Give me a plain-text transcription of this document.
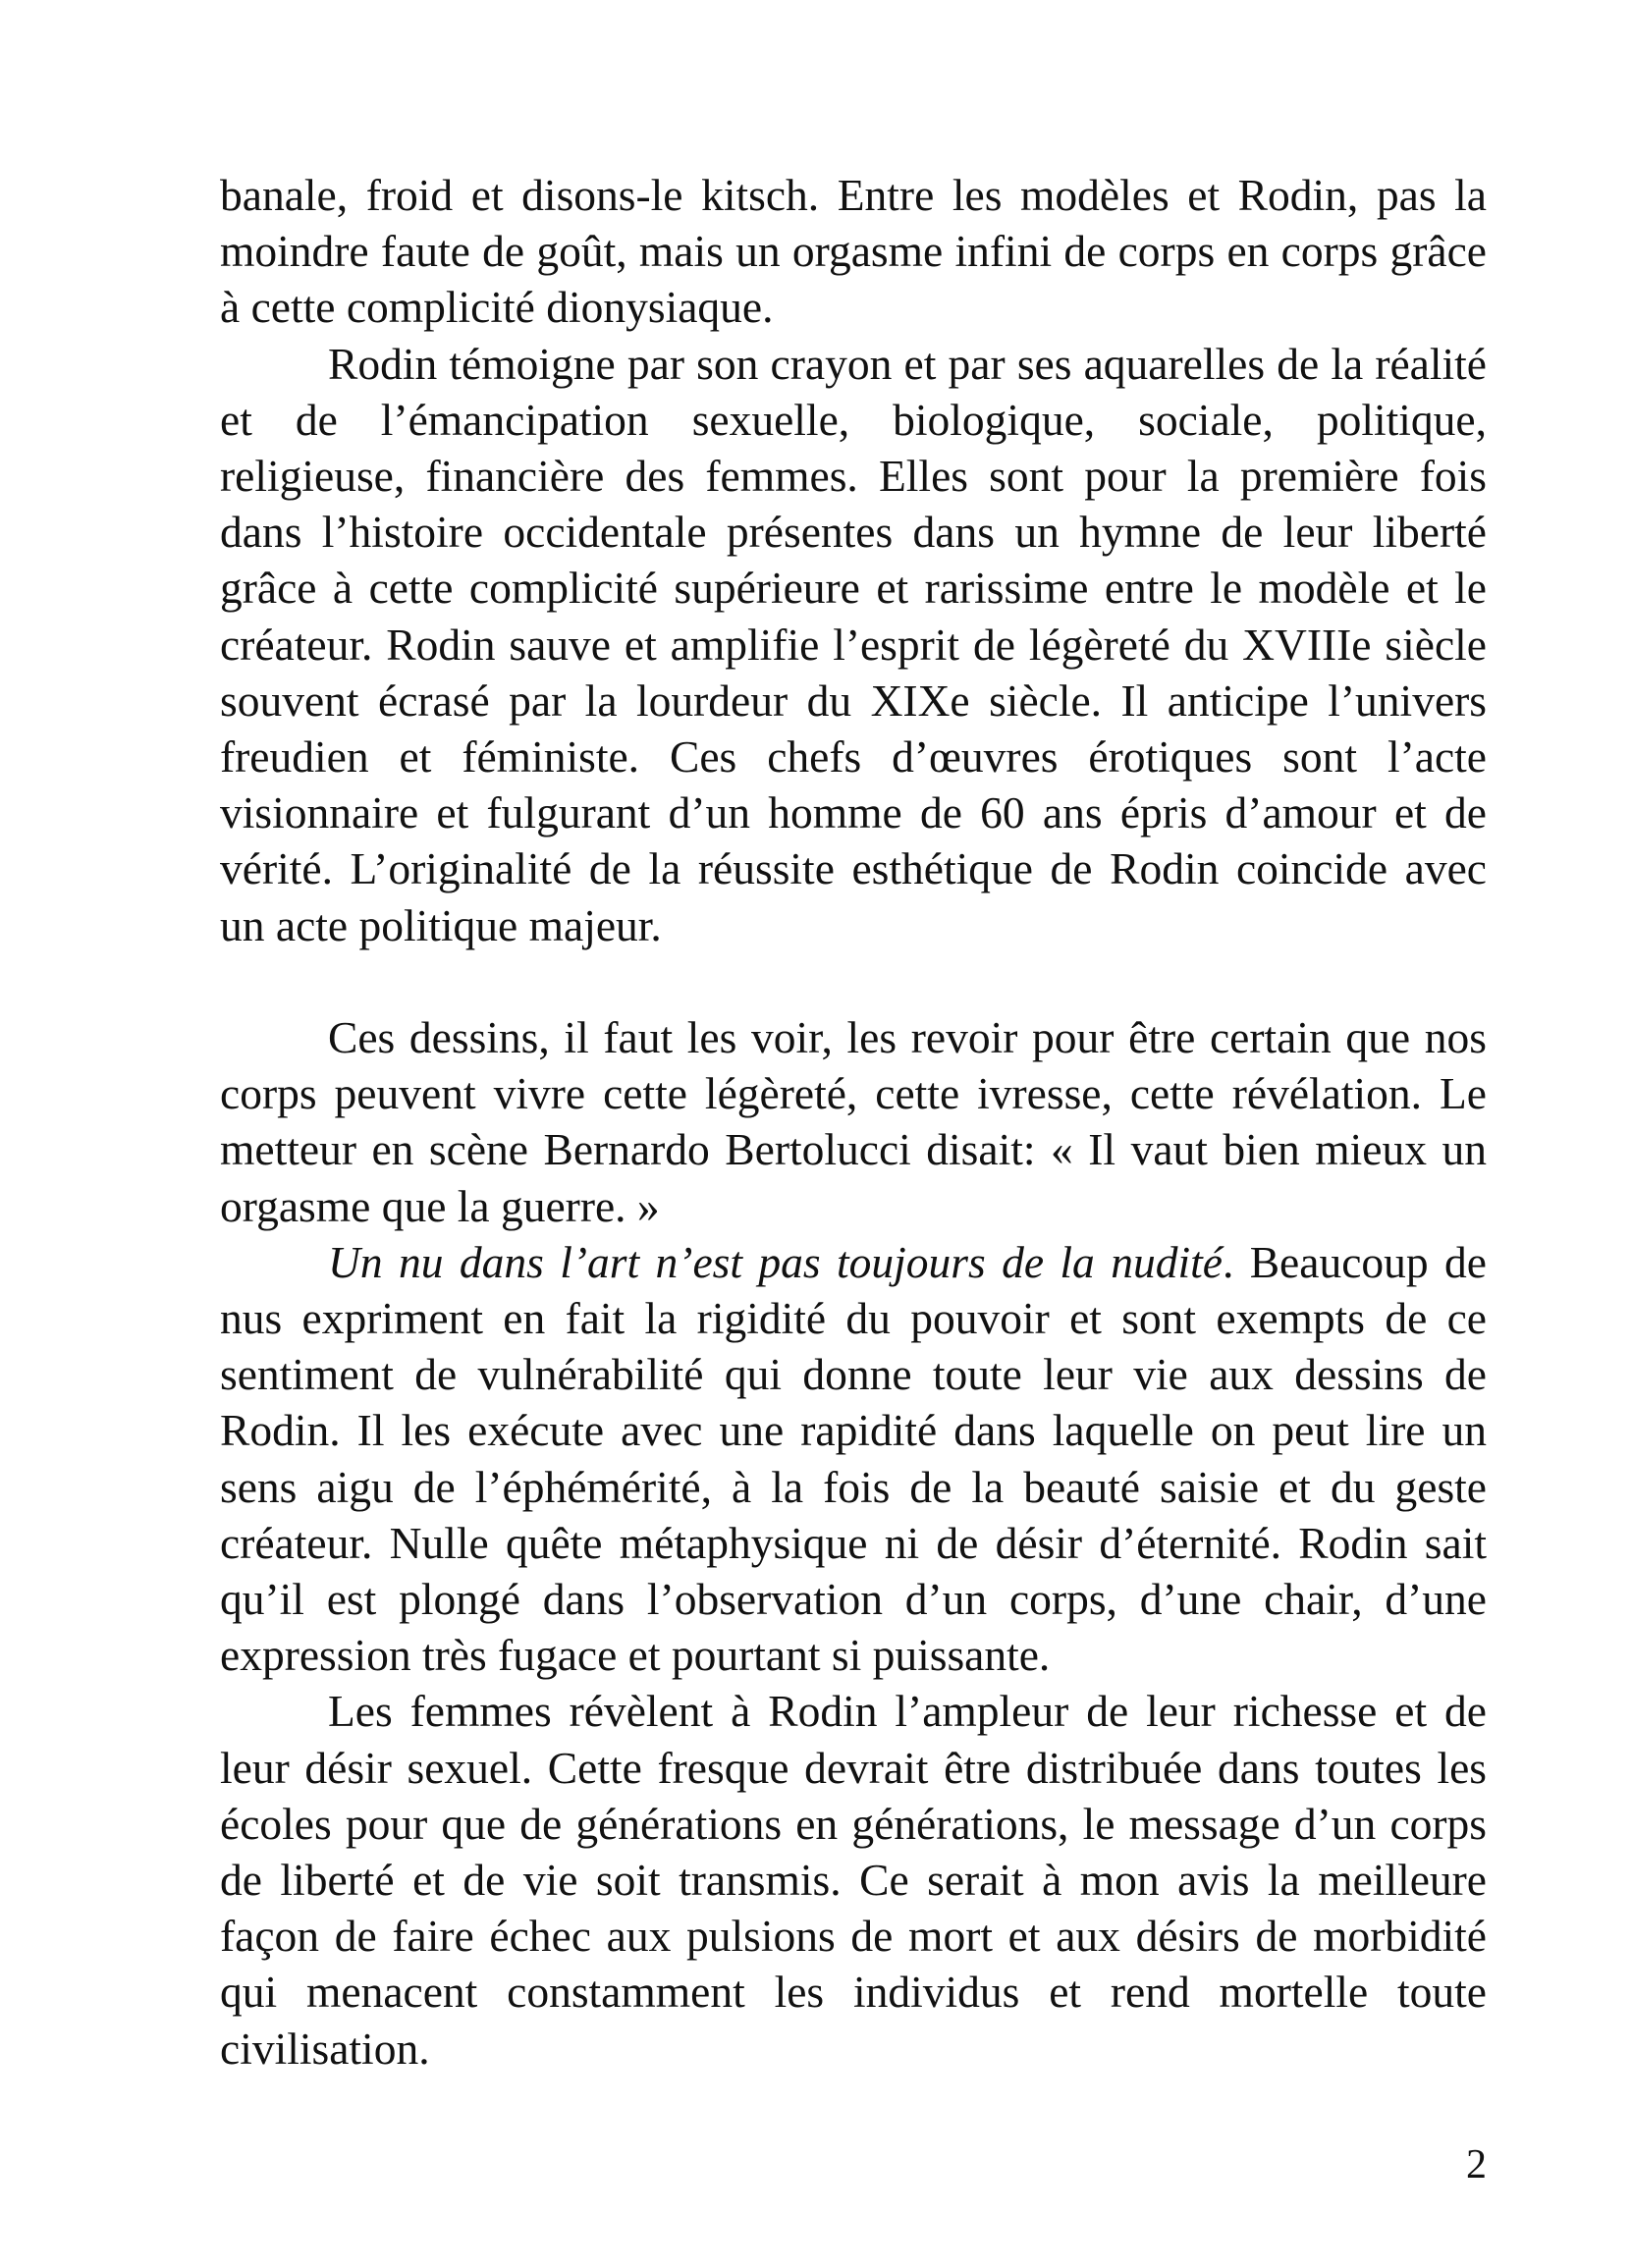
banale, froid et disons-le kitsch. Entre les modèles et Rodin, pas la moindre faute de goût, mais un orgasme infini de corps en corps grâce à cette complicité dionysiaque.

Rodin témoigne par son crayon et par ses aquarelles de la réalité et de l’émancipation sexuelle, biologique, sociale, politique, religieuse, financière des femmes. Elles sont pour la première fois dans l’histoire occidentale présentes dans un hymne de leur liberté grâce à cette complicité supérieure et rarissime entre le modèle et le créateur. Rodin sauve et amplifie l’esprit de légèreté du XVIIIe siècle souvent écrasé par la lourdeur du XIXe siècle. Il anticipe l’univers freudien et féministe. Ces chefs d’œuvres érotiques sont l’acte visionnaire et fulgurant d’un homme de 60 ans épris d’amour et de vérité. L’originalité de la réussite esthétique de Rodin coincide avec un acte politique majeur.

Ces dessins, il faut les voir, les revoir pour être certain que nos corps peuvent vivre cette légèreté, cette ivresse, cette révélation. Le metteur en scène Bernardo Bertolucci disait: « Il vaut bien mieux un orgasme que la guerre. »

Un nu dans l’art n’est pas toujours de la nudité. Beaucoup de nus expriment en fait la rigidité du pouvoir et sont exempts de ce sentiment de vulnérabilité qui donne toute leur vie aux dessins de Rodin. Il les exécute avec une rapidité dans laquelle on peut lire un sens aigu de l’éphémérité, à la fois de la beauté saisie et du geste créateur. Nulle quête métaphysique ni de désir d’éternité. Rodin sait qu’il est plongé dans l’observation d’un corps, d’une chair, d’une expression très fugace et pourtant si puissante.

Les femmes révèlent à Rodin l’ampleur de leur richesse et de leur désir sexuel. Cette fresque devrait être distribuée dans toutes les écoles pour que de générations en générations, le message d’un corps de liberté et de vie soit transmis. Ce serait à mon avis la meilleure façon de faire échec aux pulsions de mort et aux désirs de morbidité qui menacent constamment les individus et rend mortelle toute civilisation.

2
